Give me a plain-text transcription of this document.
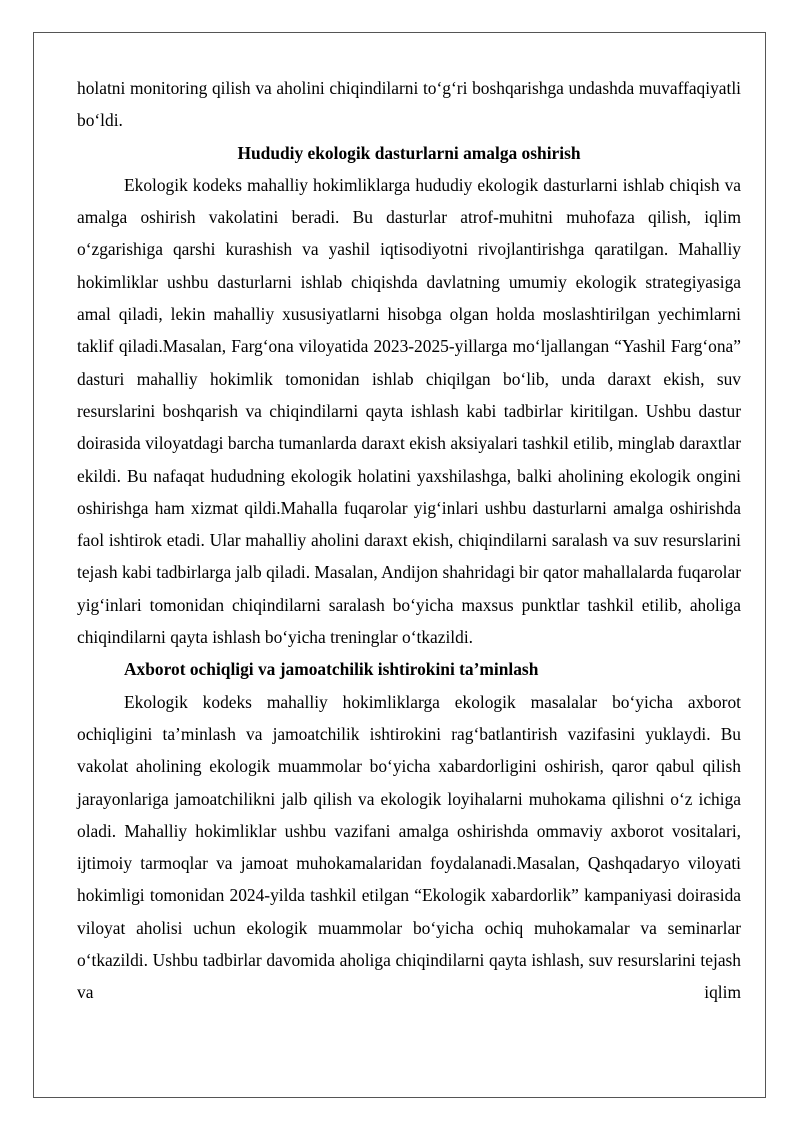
holatni monitoring qilish va aholini chiqindilarni to‘g‘ri boshqarishga undashda muvaffaqiyatli bo‘ldi.

Hududiy ekologik dasturlarni amalga oshirish

Ekologik kodeks mahalliy hokimliklarga hududiy ekologik dasturlarni ishlab chiqish va amalga oshirish vakolatini beradi. Bu dasturlar atrof-muhitni muhofaza qilish, iqlim o‘zgarishiga qarshi kurashish va yashil iqtisodiyotni rivojlantirishga qaratilgan. Mahalliy hokimliklar ushbu dasturlarni ishlab chiqishda davlatning umumiy ekologik strategiyasiga amal qiladi, lekin mahalliy xususiyatlarni hisobga olgan holda moslashtirilgan yechimlarni taklif qiladi.Masalan, Farg‘ona viloyatida 2023-2025-yillarga mo‘ljallangan “Yashil Farg‘ona” dasturi mahalliy hokimlik tomonidan ishlab chiqilgan bo‘lib, unda daraxt ekish, suv resurslarini boshqarish va chiqindilarni qayta ishlash kabi tadbirlar kiritilgan. Ushbu dastur doirasida viloyatdagi barcha tumanlarda daraxt ekish aksiyalari tashkil etilib, minglab daraxtlar ekildi. Bu nafaqat hududning ekologik holatini yaxshilashga, balki aholining ekologik ongini oshirishga ham xizmat qildi.Mahalla fuqarolar yig‘inlari ushbu dasturlarni amalga oshirishda faol ishtirok etadi. Ular mahalliy aholini daraxt ekish, chiqindilarni saralash va suv resurslarini tejash kabi tadbirlarga jalb qiladi. Masalan, Andijon shahridagi bir qator mahallalarda fuqarolar yig‘inlari tomonidan chiqindilarni saralash bo‘yicha maxsus punktlar tashkil etilib, aholiga chiqindilarni qayta ishlash bo‘yicha treninglar o‘tkazildi.

Axborot ochiqligi va jamoatchilik ishtirokini ta’minlash

Ekologik kodeks mahalliy hokimliklarga ekologik masalalar bo‘yicha axborot ochiqligini ta’minlash va jamoatchilik ishtirokini rag‘batlantirish vazifasini yuklaydi. Bu vakolat aholining ekologik muammolar bo‘yicha xabardorligini oshirish, qaror qabul qilish jarayonlariga jamoatchilikni jalb qilish va ekologik loyihalarni muhokama qilishni o‘z ichiga oladi. Mahalliy hokimliklar ushbu vazifani amalga oshirishda ommaviy axborot vositalari, ijtimoiy tarmoqlar va jamoat muhokamalaridan foydalanadi.Masalan, Qashqadaryo viloyati hokimligi tomonidan 2024-yilda tashkil etilgan “Ekologik xabardorlik” kampaniyasi doirasida viloyat aholisi uchun ekologik muammolar bo‘yicha ochiq muhokamalar va seminarlar o‘tkazildi. Ushbu tadbirlar davomida aholiga chiqindilarni qayta ishlash, suv resurslarini tejash va iqlim
